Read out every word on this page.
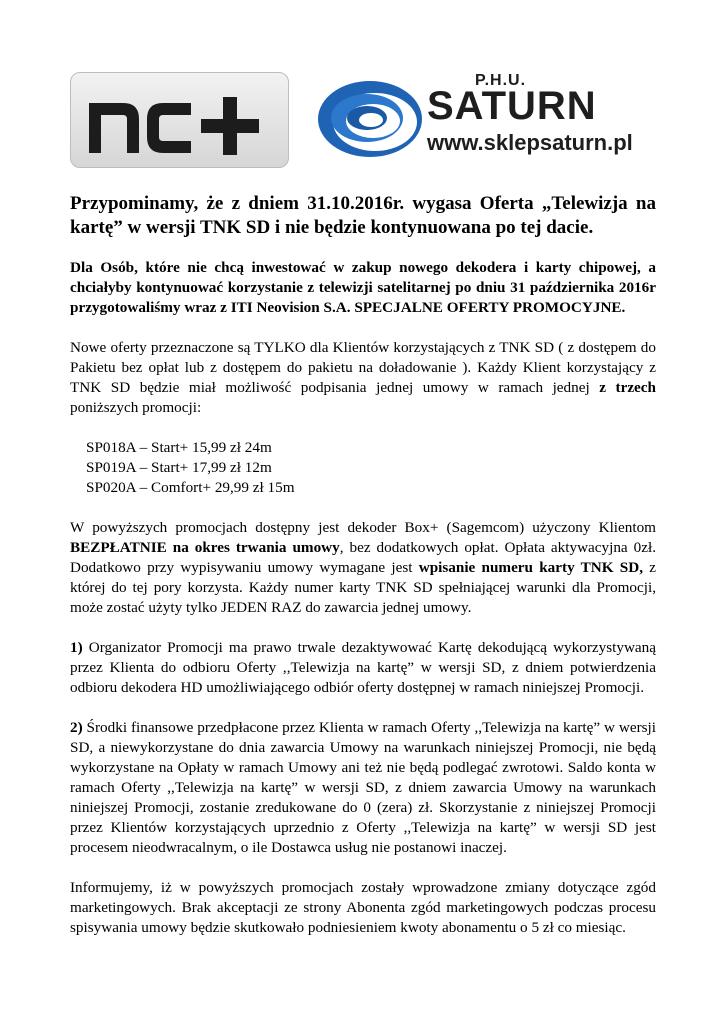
P.H.U.
SATURN
www.sklepsaturn.pl

Przypominamy, że z dniem 31.10.2016r. wygasa Oferta „Telewizja na kartę” w wersji TNK SD i nie będzie kontynuowana po tej dacie.

Dla Osób, które nie chcą inwestować w zakup nowego dekodera i karty chipowej, a chciałyby kontynuować korzystanie z telewizji satelitarnej po dniu 31 października 2016r przygotowaliśmy wraz z ITI Neovision S.A. SPECJALNE OFERTY PROMOCYJNE.

Nowe oferty przeznaczone są TYLKO dla Klientów korzystających z TNK SD ( z dostępem do Pakietu bez opłat lub z dostępem do pakietu na doładowanie ). Każdy Klient korzystający z TNK SD będzie miał możliwość podpisania jednej umowy w ramach jednej z trzech poniższych promocji:

SP018A – Start+ 15,99 zł 24m
SP019A – Start+ 17,99 zł 12m
SP020A – Comfort+ 29,99 zł 15m

W powyższych promocjach dostępny jest dekoder Box+ (Sagemcom) użyczony Klientom BEZPŁATNIE na okres trwania umowy, bez dodatkowych opłat. Opłata aktywacyjna 0zł. Dodatkowo przy wypisywaniu umowy wymagane jest wpisanie numeru karty TNK SD, z której do tej pory korzysta. Każdy numer karty TNK SD spełniającej warunki dla Promocji, może zostać użyty tylko JEDEN RAZ do zawarcia jednej umowy.

1) Organizator Promocji ma prawo trwale dezaktywować Kartę dekodującą wykorzystywaną przez Klienta do odbioru Oferty ,,Telewizja na kartę” w wersji SD, z dniem potwierdzenia odbioru dekodera HD umożliwiającego odbiór oferty dostępnej w ramach niniejszej Promocji.

2) Środki finansowe przedpłacone przez Klienta w ramach Oferty ,,Telewizja na kartę” w wersji SD, a niewykorzystane do dnia zawarcia Umowy na warunkach niniejszej Promocji, nie będą wykorzystane na Opłaty w ramach Umowy ani też nie będą podlegać zwrotowi. Saldo konta w ramach Oferty ,,Telewizja na kartę” w wersji SD, z dniem zawarcia Umowy na warunkach niniejszej Promocji, zostanie zredukowane do 0 (zera) zł. Skorzystanie z niniejszej Promocji przez Klientów korzystających uprzednio z Oferty ,,Telewizja na kartę” w wersji SD jest procesem nieodwracalnym, o ile Dostawca usług nie postanowi inaczej.

Informujemy, iż w powyższych promocjach zostały wprowadzone zmiany dotyczące zgód marketingowych. Brak akceptacji ze strony Abonenta zgód marketingowych podczas procesu spisywania umowy będzie skutkowało podniesieniem kwoty abonamentu o 5 zł co miesiąc.
